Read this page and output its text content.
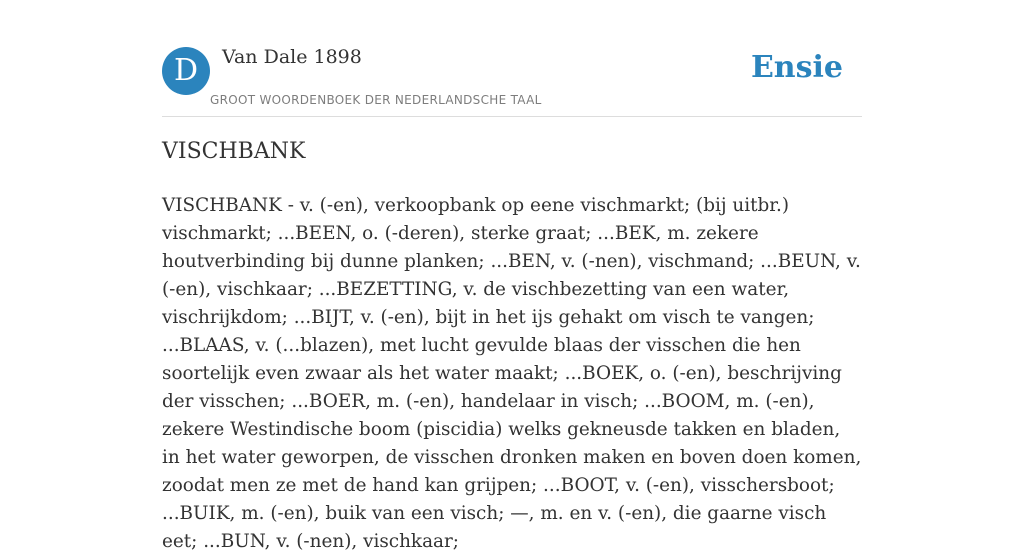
D	Van Dale 1898
GROOT WOORDENBOEK DER NEDERLANDSCHE TAAL
Ensie
VISCHBANK

VISCHBANK - v. (-en), verkoopbank op eene vischmarkt; (bij uitbr.) vischmarkt; ...BEEN, o. (-deren), sterke graat; ...BEK, m. zekere houtverbinding bij dunne planken; ...BEN, v. (-nen), vischmand; ...BEUN, v. (-en), vischkaar; ...BEZETTING, v. de vischbezetting van een water, vischrijkdom; ...BIJT, v. (-en), bijt in het ijs gehakt om visch te vangen; ...BLAAS, v. (...blazen), met lucht gevulde blaas der visschen die hen soortelijk even zwaar als het water maakt; ...BOEK, o. (-en), beschrijving der visschen; ...BOER, m. (-en), handelaar in visch; ...BOOM, m. (-en), zekere Westindische boom (piscidia) welks gekneusde takken en bladen, in het water geworpen, de visschen dronken maken en boven doen komen, zoodat men ze met de hand kan grijpen; ...BOOT, v. (-en), visschersboot; ...BUIK, m. (-en), buik van een visch; —, m. en v. (-en), die gaarne visch eet; ...BUN, v. (-nen), vischkaar;
